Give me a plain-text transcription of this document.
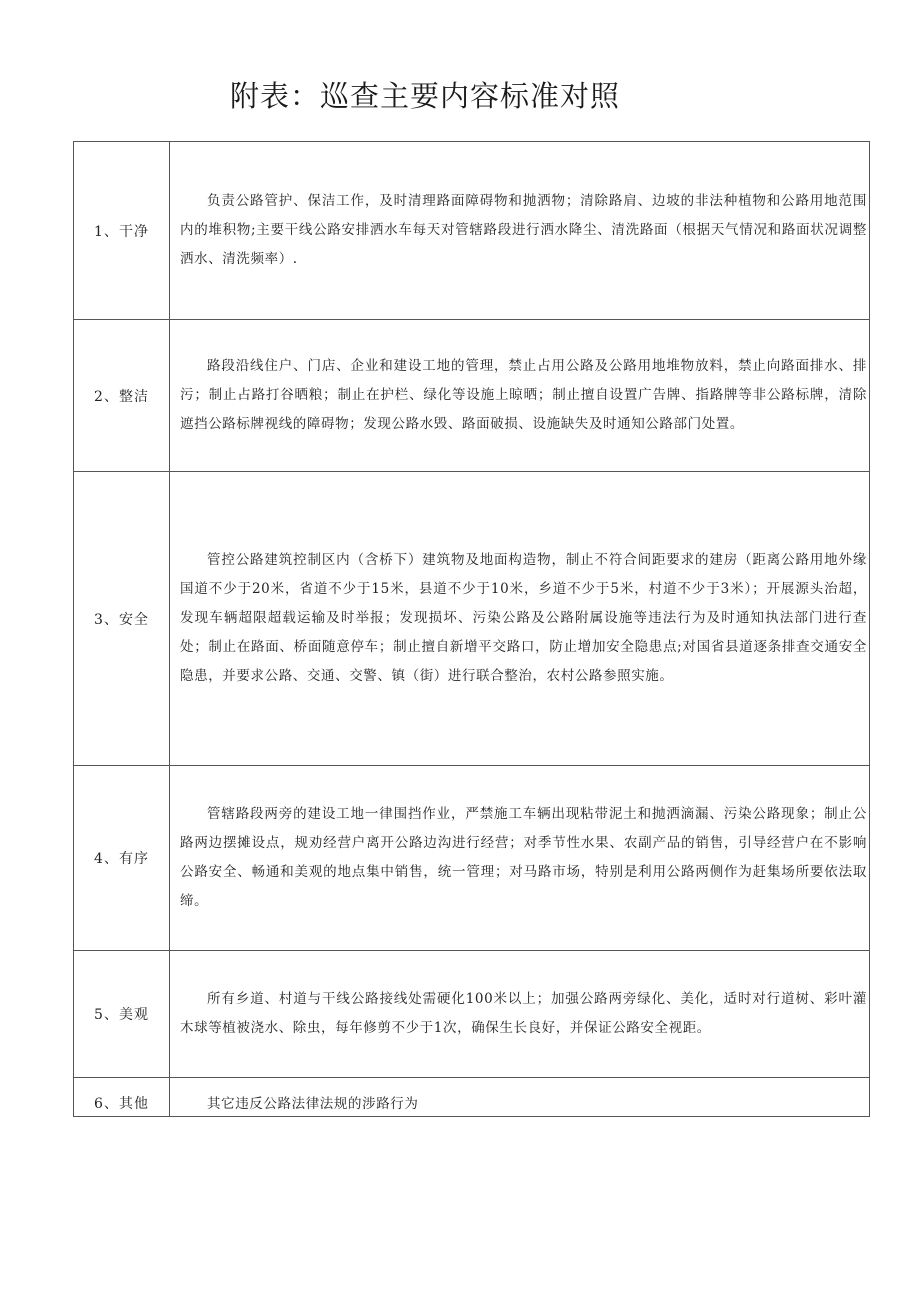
附表：巡查主要内容标准对照
1、干净	负责公路管护、保洁工作，及时清理路面障碍物和抛洒物；清除路肩、边坡的非法种植物和公路用地范围内的堆积物;主要干线公路安排洒水车每天对管辖路段进行洒水降尘、清洗路面（根据天气情况和路面状况调整洒水、清洗频率）.

2、整洁	路段沿线住户、门店、企业和建设工地的管理，禁止占用公路及公路用地堆物放料，禁止向路面排水、排污；制止占路打谷晒粮；制止在护栏、绿化等设施上晾晒；制止擅自设置广告牌、指路牌等非公路标牌，清除遮挡公路标牌视线的障碍物；发现公路水毁、路面破损、设施缺失及时通知公路部门处置。

3、安全	管控公路建筑控制区内（含桥下）建筑物及地面构造物，制止不符合间距要求的建房（距离公路用地外缘国道不少于20米，省道不少于15米，县道不少于10米，乡道不少于5米，村道不少于3米）；开展源头治超，发现车辆超限超载运输及时举报；发现损坏、污染公路及公路附属设施等违法行为及时通知执法部门进行查处；制止在路面、桥面随意停车；制止擅自新增平交路口，防止增加安全隐患点;对国省县道逐条排查交通安全隐患，并要求公路、交通、交警、镇（街）进行联合整治，农村公路参照实施。

4、有序	管辖路段两旁的建设工地一律围挡作业，严禁施工车辆出现粘带泥土和抛洒滴漏、污染公路现象；制止公路两边摆摊设点，规劝经营户离开公路边沟进行经营；对季节性水果、农副产品的销售，引导经营户在不影响公路安全、畅通和美观的地点集中销售，统一管理；对马路市场，特别是利用公路两侧作为赶集场所要依法取缔。

5、美观	所有乡道、村道与干线公路接线处需硬化100米以上；加强公路两旁绿化、美化，适时对行道树、彩叶灌木球等植被浇水、除虫，每年修剪不少于1次，确保生长良好，并保证公路安全视距。

6、其他	其它违反公路法律法规的涉路行为
